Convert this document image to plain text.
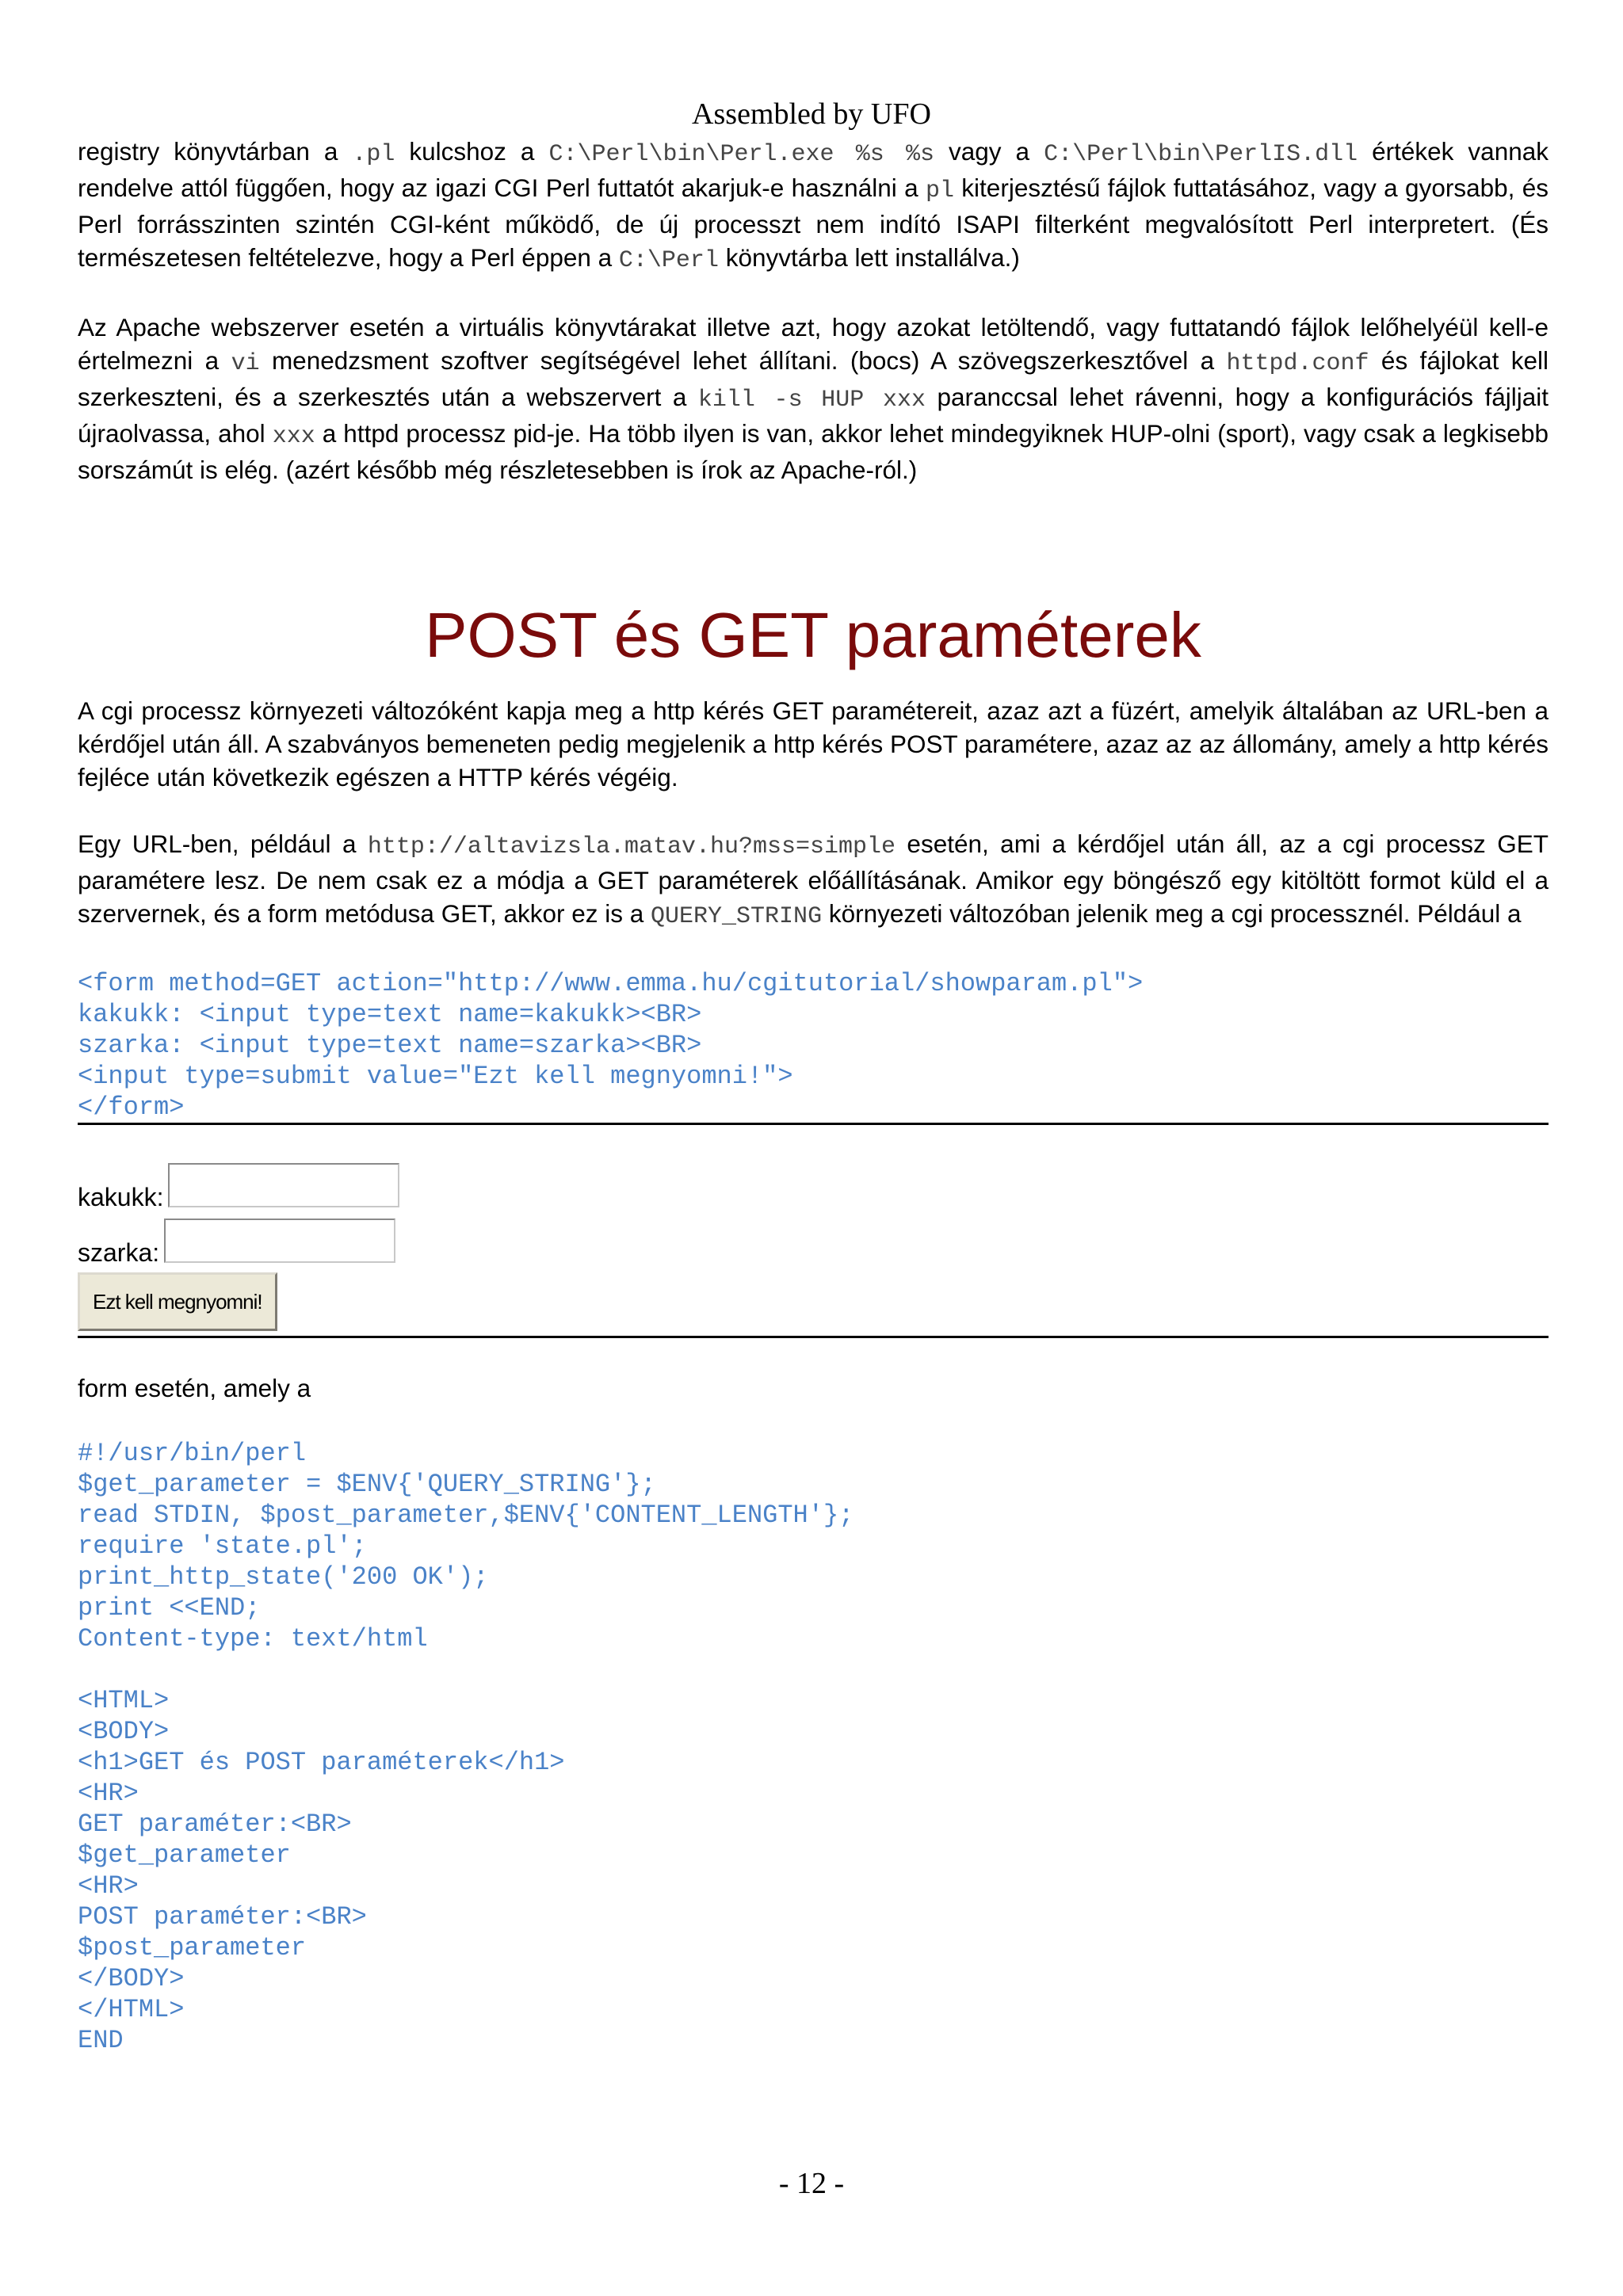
Assembled by UFO

registry könyvtárban a .pl kulcshoz a C:\Perl\bin\Perl.exe %s %s vagy a C:\Perl\bin\PerlIS.dll értékek vannak rendelve attól függően, hogy az igazi CGI Perl futtatót akarjuk-e használni a pl kiterjesztésű fájlok futtatásához, vagy a gyorsabb, és Perl forrásszinten szintén CGI-ként működő, de új processzt nem indító ISAPI filterként megvalósított Perl interpretert. (És természetesen feltételezve, hogy a Perl éppen a C:\Perl könyvtárba lett installálva.)

Az Apache webszerver esetén a virtuális könyvtárakat illetve azt, hogy azokat letöltendő, vagy futtatandó fájlok lelőhelyéül kell-e értelmezni a vi menedzsment szoftver segítségével lehet állítani. (bocs) A szövegszerkesztővel a httpd.conf és fájlokat kell szerkeszteni, és a szerkesztés után a webszervert a kill -s HUP xxx paranccsal lehet rávenni, hogy a konfigurációs fájljait újraolvassa, ahol xxx a httpd processz pid-je. Ha több ilyen is van, akkor lehet mindegyiknek HUP-olni (sport), vagy csak a legkisebb sorszámút is elég. (azért később még részletesebben is írok az Apache-ról.)

POST és GET paraméterek

A cgi processz környezeti változóként kapja meg a http kérés GET paramétereit, azaz azt a füzért, amelyik általában az URL-ben a kérdőjel után áll. A szabványos bemeneten pedig megjelenik a http kérés POST paramétere, azaz az az állomány, amely a http kérés fejléce után következik egészen a HTTP kérés végéig.

Egy URL-ben, például a http://altavizsla.matav.hu?mss=simple esetén, ami a kérdőjel után áll, az a cgi processz GET paramétere lesz. De nem csak ez a módja a GET paraméterek előállításának. Amikor egy böngésző egy kitöltött formot küld el a szervernek, és a form metódusa GET, akkor ez is a QUERY_STRING környezeti változóban jelenik meg a cgi processznél. Például a

<form method=GET action="http://www.emma.hu/cgitutorial/showparam.pl">
kakukk: <input type=text name=kakukk><BR>
szarka: <input type=text name=szarka><BR>
<input type=submit value="Ezt kell megnyomni!">
</form>
kakukk:
szarka:
Ezt kell megnyomni!

form esetén, amely a

#!/usr/bin/perl
$get_parameter = $ENV{'QUERY_STRING'};
read STDIN, $post_parameter,$ENV{'CONTENT_LENGTH'};
require 'state.pl';
print_http_state('200 OK');
print <<END;
Content-type: text/html

<HTML>
<BODY>
<h1>GET és POST paraméterek</h1>
<HR>
GET paraméter:<BR>
$get_parameter
<HR>
POST paraméter:<BR>
$post_parameter
</BODY>
</HTML>
END
- 12 -
